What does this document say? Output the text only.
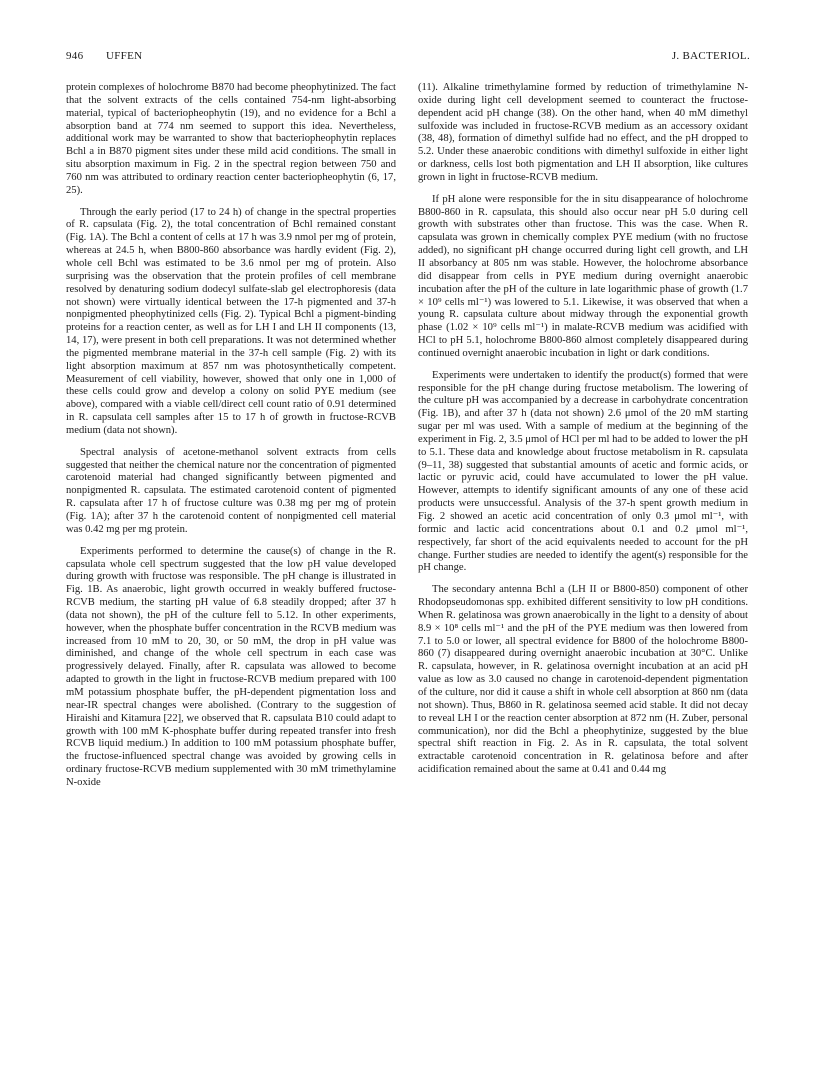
946 UFFEN	J. BACTERIOL.

protein complexes of holochrome B870 had become pheophytinized. The fact that the solvent extracts of the cells contained 754-nm light-absorbing material, typical of bacteriopheophytin (19), and no evidence for a Bchl a absorption band at 774 nm seemed to support this idea. Nevertheless, additional work may be warranted to show that bacteriopheophytin replaces Bchl a in B870 pigment sites under these mild acid conditions. The small in situ absorption maximum in Fig. 2 in the spectral region between 750 and 760 nm was attributed to ordinary reaction center bacteriopheophytin (6, 17, 25).

Through the early period (17 to 24 h) of change in the spectral properties of R. capsulata (Fig. 2), the total concentration of Bchl remained constant (Fig. 1A). The Bchl a content of cells at 17 h was 3.9 nmol per mg of protein, whereas at 24.5 h, when B800-860 absorbance was hardly evident (Fig. 2), whole cell Bchl was estimated to be 3.6 nmol per mg of protein. Also surprising was the observation that the protein profiles of cell membrane resolved by denaturing sodium dodecyl sulfate-slab gel electrophoresis (data not shown) were virtually identical between the 17-h pigmented and 37-h nonpigmented pheophytinized cells (Fig. 2). Typical Bchl a pigment-binding proteins for a reaction center, as well as for LH I and LH II components (13, 14, 17), were present in both cell preparations. It was not determined whether the pigmented membrane material in the 37-h cell sample (Fig. 2) with its light absorption maximum at 857 nm was photosynthetically competent. Measurement of cell viability, however, showed that only one in 1,000 of these cells could grow and develop a colony on solid PYE medium (see above), compared with a viable cell/direct cell count ratio of 0.91 determined in R. capsulata cell samples after 15 to 17 h of growth in fructose-RCVB medium (data not shown).

Spectral analysis of acetone-methanol solvent extracts from cells suggested that neither the chemical nature nor the concentration of pigmented carotenoid material had changed significantly between pigmented and nonpigmented R. capsulata. The estimated carotenoid content of pigmented R. capsulata after 17 h of fructose culture was 0.38 mg per mg of protein (Fig. 1A); after 37 h the carotenoid content of nonpigmented cell material was 0.42 mg per mg protein.

Experiments performed to determine the cause(s) of change in the R. capsulata whole cell spectrum suggested that the low pH value developed during growth with fructose was responsible. The pH change is illustrated in Fig. 1B. As anaerobic, light growth occurred in weakly buffered fructose-RCVB medium, the starting pH value of 6.8 steadily dropped; after 37 h (data not shown), the pH of the culture fell to 5.12. In other experiments, however, when the phosphate buffer concentration in the RCVB medium was increased from 10 mM to 20, 30, or 50 mM, the drop in pH value was diminished, and change of the whole cell spectrum in each case was progressively delayed. Finally, after R. capsulata was allowed to become adapted to growth in the light in fructose-RCVB medium prepared with 100 mM potassium phosphate buffer, the pH-dependent pigmentation loss and near-IR spectral changes were abolished. (Contrary to the suggestion of Hiraishi and Kitamura [22], we observed that R. capsulata B10 could adapt to growth with 100 mM K-phosphate buffer during repeated transfer into fresh RCVB liquid medium.) In addition to 100 mM potassium phosphate buffer, the fructose-influenced spectral change was avoided by growing cells in ordinary fructose-RCVB medium supplemented with 30 mM trimethylamine N-oxide

(11). Alkaline trimethylamine formed by reduction of trimethylamine N-oxide during light cell development seemed to counteract the fructose-dependent acid pH change (38). On the other hand, when 40 mM dimethyl sulfoxide was included in fructose-RCVB medium as an accessory oxidant (38, 48), formation of dimethyl sulfide had no effect, and the pH dropped to 5.2. Under these anaerobic conditions with dimethyl sulfoxide in either light or darkness, cells lost both pigmentation and LH II absorption, like cultures grown in light in fructose-RCVB medium.

If pH alone were responsible for the in situ disappearance of holochrome B800-860 in R. capsulata, this should also occur near pH 5.0 during cell growth with substrates other than fructose. This was the case. When R. capsulata was grown in chemically complex PYE medium (with no fructose added), no significant pH change occurred during light cell growth, and LH II absorbancy at 805 nm was stable. However, the holochrome absorbance did disappear from cells in PYE medium during overnight anaerobic incubation after the pH of the culture in late logarithmic phase of growth (1.7 × 10⁹ cells ml⁻¹) was lowered to 5.1. Likewise, it was observed that when a young R. capsulata culture about midway through the exponential growth phase (1.02 × 10⁹ cells ml⁻¹) in malate-RCVB medium was acidified with HCl to pH 5.1, holochrome B800-860 almost completely disappeared during continued overnight anaerobic incubation in light or dark conditions.

Experiments were undertaken to identify the product(s) formed that were responsible for the pH change during fructose metabolism. The lowering of the culture pH was accompanied by a decrease in carbohydrate concentration (Fig. 1B), and after 37 h (data not shown) 2.6 μmol of the 20 mM starting sugar per ml was used. With a sample of medium at the beginning of the experiment in Fig. 2, 3.5 μmol of HCl per ml had to be added to lower the pH to 5.1. These data and knowledge about fructose metabolism in R. capsulata (9–11, 38) suggested that substantial amounts of acetic and formic acids, or lactic or pyruvic acid, could have accumulated to lower the pH value. However, attempts to identify significant amounts of any one of these acid products were unsuccessful. Analysis of the 37-h spent growth medium in Fig. 2 showed an acetic acid concentration of only 0.3 μmol ml⁻¹, with formic and lactic acid concentrations about 0.1 and 0.2 μmol ml⁻¹, respectively, far short of the acid equivalents needed to account for the pH change. Further studies are needed to identify the agent(s) responsible for the pH change.

The secondary antenna Bchl a (LH II or B800-850) component of other Rhodopseudomonas spp. exhibited different sensitivity to low pH conditions. When R. gelatinosa was grown anaerobically in the light to a density of about 8.9 × 10⁸ cells ml⁻¹ and the pH of the PYE medium was then lowered from 7.1 to 5.0 or lower, all spectral evidence for B800 of the holochrome B800-860 (7) disappeared during overnight anaerobic incubation at 30°C. Unlike R. capsulata, however, in R. gelatinosa overnight incubation at an acid pH value as low as 3.0 caused no change in carotenoid-dependent pigmentation of the culture, nor did it cause a shift in whole cell absorption at 860 nm (data not shown). Thus, B860 in R. gelatinosa seemed acid stable. It did not decay to reveal LH I or the reaction center absorption at 872 nm (H. Zuber, personal communication), nor did the Bchl a pheophytinize, suggested by the blue spectral shift reaction in Fig. 2. As in R. capsulata, the total solvent extractable carotenoid concentration in R. gelatinosa before and after acidification remained about the same at 0.41 and 0.44 mg
